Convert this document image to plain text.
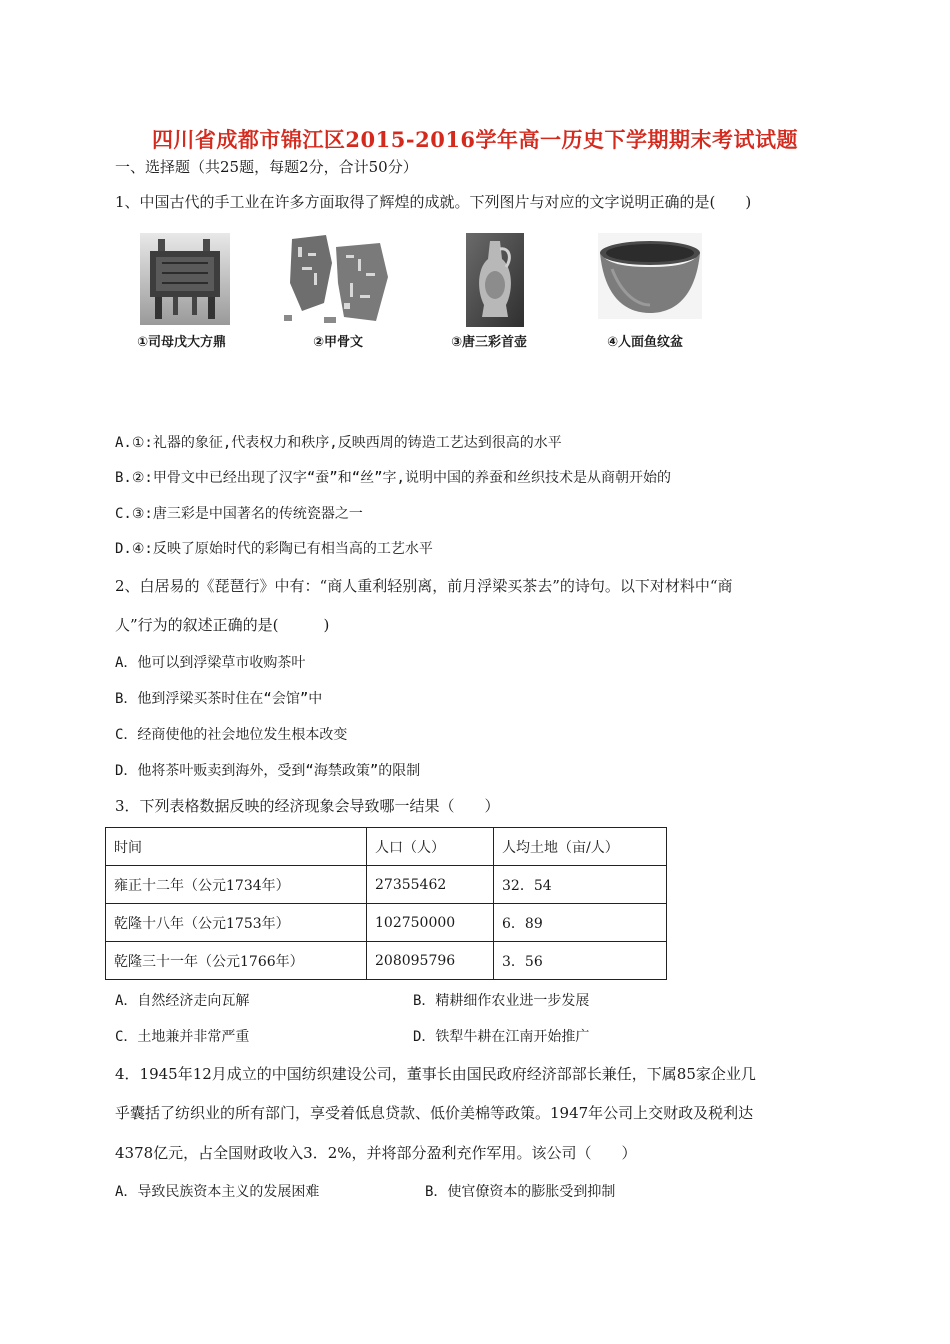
四川省成都市锦江区2015-2016学年高一历史下学期期末考试试题
一、选择题（共25题，每题2分，合计50分）
1、中国古代的手工业在许多方面取得了辉煌的成就。下列图片与对应的文字说明正确的是(　　)
①司母戊大方鼎	②甲骨文	③唐三彩首壶	④人面鱼纹盆
A.①:礼器的象征,代表权力和秩序,反映西周的铸造工艺达到很高的水平
B.②:甲骨文中已经出现了汉字“蚕”和“丝”字,说明中国的养蚕和丝织技术是从商朝开始的
C.③:唐三彩是中国著名的传统瓷器之一
D.④:反映了原始时代的彩陶已有相当高的工艺水平
2、白居易的《琵琶行》中有：“商人重利轻别离，前月浮梁买茶去”的诗句。以下对材料中“商
人”行为的叙述正确的是(　　　)
A．他可以到浮梁草市收购茶叶
B．他到浮梁买茶时住在“会馆”中
C．经商使他的社会地位发生根本改变
D．他将茶叶贩卖到海外，受到“海禁政策”的限制
3．下列表格数据反映的经济现象会导致哪一结果（　　）
时间	人口（人）	人均土地（亩/人）
雍正十二年（公元1734年）	27355462	32．54
乾隆十八年（公元1753年）	102750000	6．89
乾隆三十一年（公元1766年）	208095796	3．56
A．自然经济走向瓦解	B．精耕细作农业进一步发展
C．土地兼并非常严重	D．铁犁牛耕在江南开始推广
4．1945年12月成立的中国纺织建设公司，董事长由国民政府经济部部长兼任，下属85家企业几
乎囊括了纺织业的所有部门，享受着低息贷款、低价美棉等政策。1947年公司上交财政及税利达
4378亿元，占全国财政收入3．2%，并将部分盈利充作军用。该公司（　　）
A．导致民族资本主义的发展困难	B．使官僚资本的膨胀受到抑制
